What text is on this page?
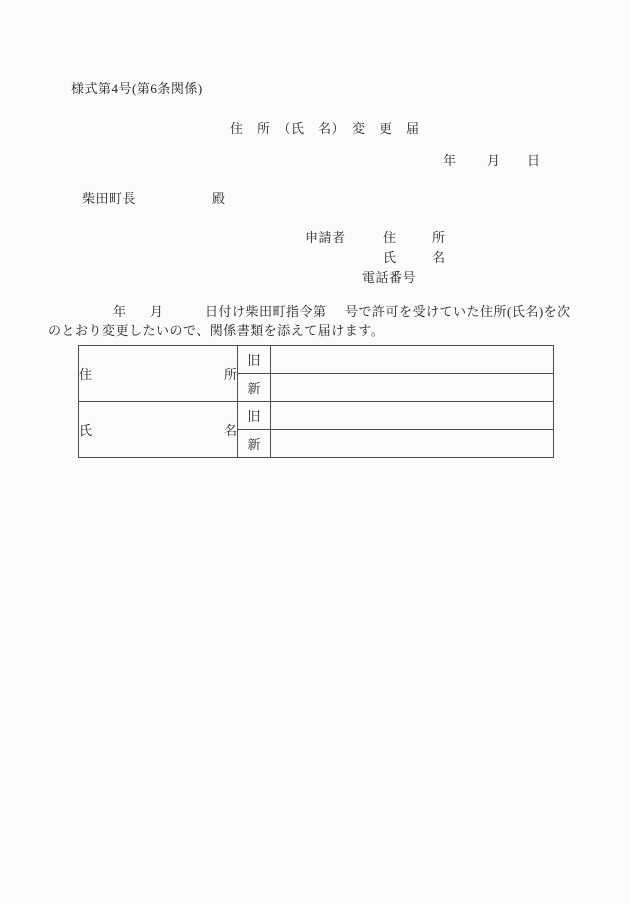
様式第4号(第6条関係)
住　所　（氏　名）　変　更　届
年 月 日
柴田町長	殿
申請者	住	所
氏	名
電話番号
年 月	日付け柴田町指令第 号で許可を受けていた住所(氏名)を次
のとおり変更したいので、関係書類を添えて届けます。
住 所	旧	
	新	

氏 名	旧	
	新	
